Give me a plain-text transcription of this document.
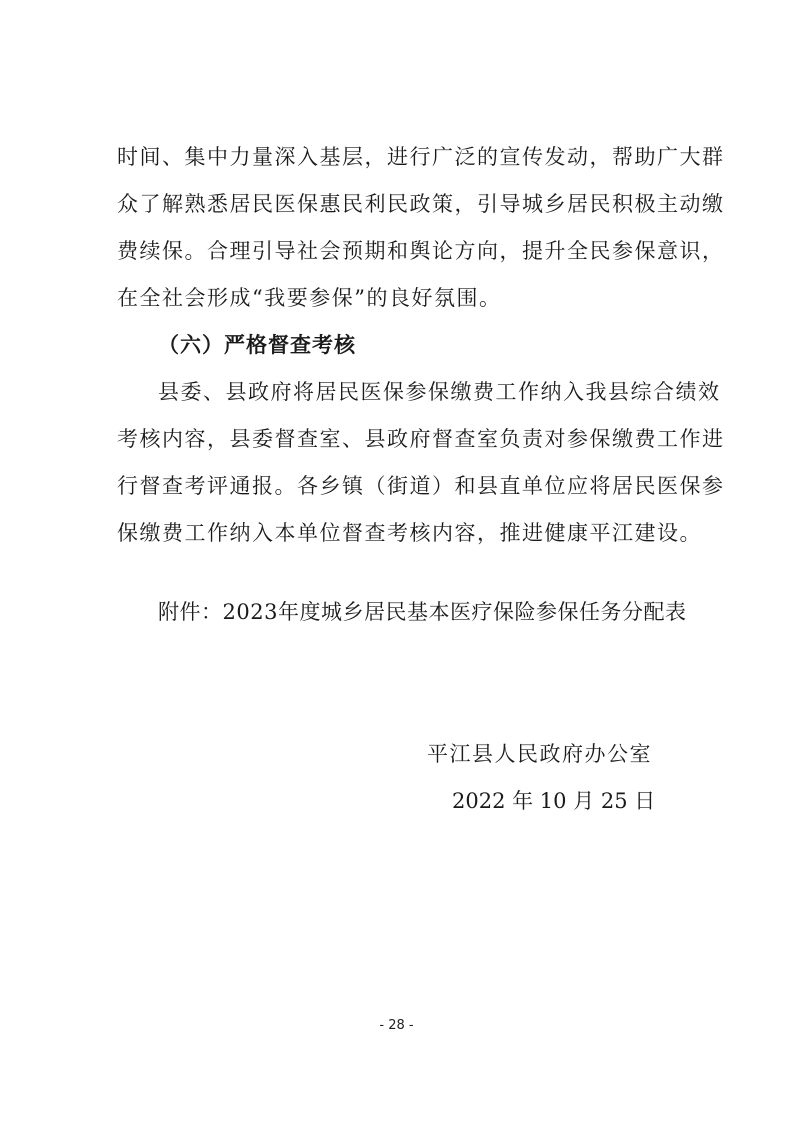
时间、集中力量深入基层，进行广泛的宣传发动，帮助广大群
众了解熟悉居民医保惠民利民政策，引导城乡居民积极主动缴
费续保。合理引导社会预期和舆论方向，提升全民参保意识，
在全社会形成“我要参保”的良好氛围。
（六）严格督查考核
县委、县政府将居民医保参保缴费工作纳入我县综合绩效
考核内容，县委督查室、县政府督查室负责对参保缴费工作进
行督查考评通报。各乡镇（街道）和县直单位应将居民医保参
保缴费工作纳入本单位督查考核内容，推进健康平江建设。
附件：2023年度城乡居民基本医疗保险参保任务分配表
平江县人民政府办公室
2022 年 10 月 25 日
- 28 -
